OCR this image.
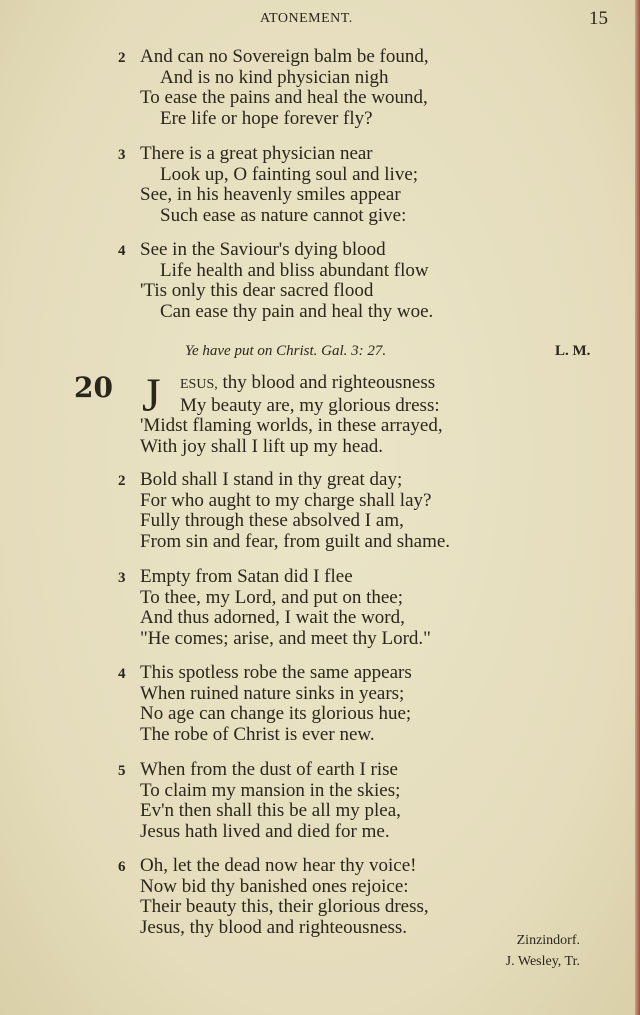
ATONEMENT.	15
2 And can no Sovereign balm be found,
And is no kind physician nigh
To ease the pains and heal the wound,
Ere life or hope forever fly?
3 There is a great physician near
Look up, O fainting soul and live;
See, in his heavenly smiles appear
Such ease as nature cannot give:
4 See in the Saviour's dying blood
Life health and bliss abundant flow
'Tis only this dear sacred flood
Can ease thy pain and heal thy woe.
Ye have put on Christ. Gal. 3: 27.	L. M.
20 J	ESUS, thy blood and righteousness
My beauty are, my glorious dress:
'Midst flaming worlds, in these arrayed,
With joy shall I lift up my head.
2 Bold shall I stand in thy great day;
For who aught to my charge shall lay?
Fully through these absolved I am,
From sin and fear, from guilt and shame.
3 Empty from Satan did I flee
To thee, my Lord, and put on thee;
And thus adorned, I wait the word,
"He comes; arise, and meet thy Lord."
4 This spotless robe the same appears
When ruined nature sinks in years;
No age can change its glorious hue;
The robe of Christ is ever new.
5 When from the dust of earth I rise
To claim my mansion in the skies;
Ev'n then shall this be all my plea,
Jesus hath lived and died for me.
6 Oh, let the dead now hear thy voice!
Now bid thy banished ones rejoice:
Their beauty this, their glorious dress,
Jesus, thy blood and righteousness.
Zinzindorf.
J. Wesley, Tr.
